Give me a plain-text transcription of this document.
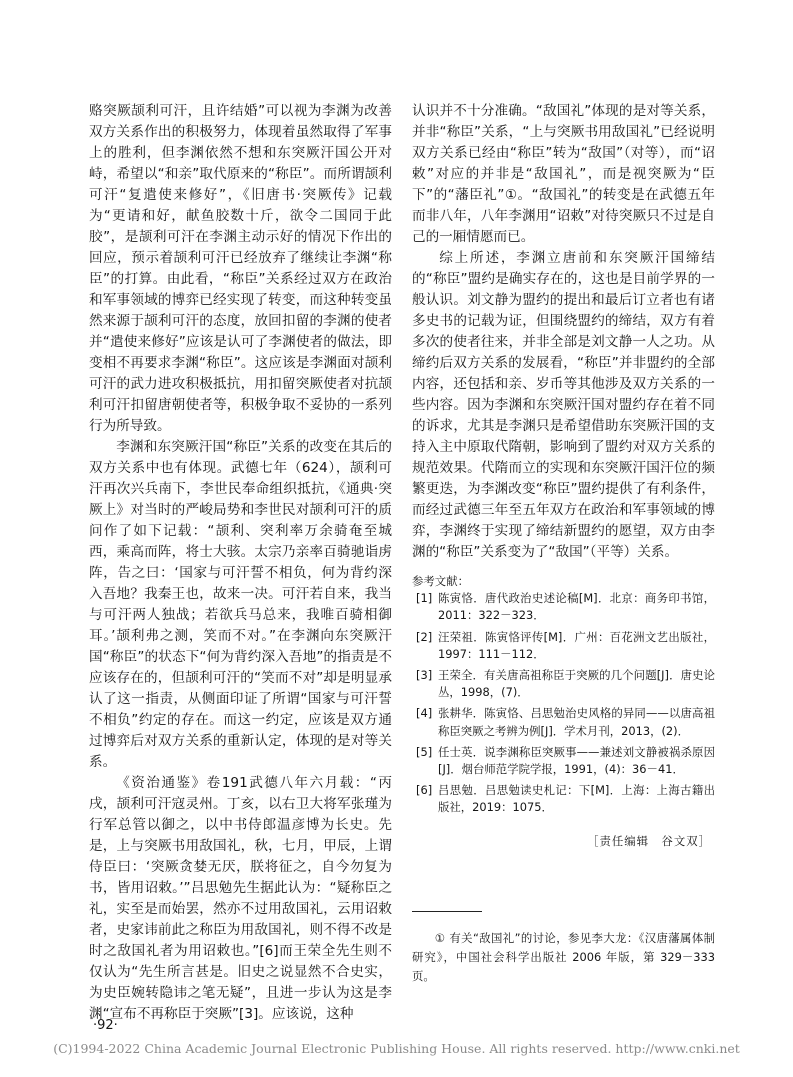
赂突厥颉利可汗，且许结婚”可以视为李渊为改善双方关系作出的积极努力，体现着虽然取得了军事上的胜利，但李渊依然不想和东突厥汗国公开对峙，希望以“和亲”取代原来的“称臣”。而所谓颉利可汗“复遣使来修好”，《旧唐书·突厥传》记载为“更请和好，献鱼胶数十斤，欲令二国同于此胶”，是颉利可汗在李渊主动示好的情况下作出的回应，预示着颉利可汗已经放弃了继续让李渊“称臣”的打算。由此看，“称臣”关系经过双方在政治和军事领域的博弈已经实现了转变，而这种转变虽然来源于颉利可汗的态度，放回扣留的李渊的使者并“遣使来修好”应该是认可了李渊使者的做法，即变相不再要求李渊“称臣”。这应该是李渊面对颉利可汗的武力进攻积极抵抗，用扣留突厥使者对抗颉利可汗扣留唐朝使者等，积极争取不妥协的一系列行为所导致。

李渊和东突厥汗国“称臣”关系的改变在其后的双方关系中也有体现。武德七年（624），颉利可汗再次兴兵南下，李世民奉命组织抵抗，《通典·突厥上》对当时的严峻局势和李世民对颉利可汗的质问作了如下记载：“颉利、突利率万余骑奄至城西，乘高而阵，将士大骇。太宗乃亲率百骑驰诣虏阵，告之曰：‘国家与可汗誓不相负，何为背约深入吾地？我秦王也，故来一决。可汗若自来，我当与可汗两人独战；若欲兵马总来，我唯百骑相御耳。’颉利弗之测，笑而不对。”在李渊向东突厥汗国“称臣”的状态下“何为背约深入吾地”的指责是不应该存在的，但颉利可汗的“笑而不对”却是明显承认了这一指责，从侧面印证了所谓“国家与可汗誓不相负”约定的存在。而这一约定，应该是双方通过博弈后对双方关系的重新认定，体现的是对等关系。

《资治通鉴》卷191武德八年六月载：“丙戌，颉利可汗寇灵州。丁亥，以右卫大将军张瑾为行军总管以御之，以中书侍郎温彦博为长史。先是，上与突厥书用敌国礼，秋，七月，甲辰，上谓侍臣曰：‘突厥贪婪无厌，朕将征之，自今勿复为书，皆用诏敕。’”吕思勉先生据此认为：“疑称臣之礼，实至是而始罢，然亦不过用敌国礼，云用诏敕者，史家讳前此之称臣为用敌国礼，则不得不改是时之敌国礼者为用诏敕也。”[6]而王荣全先生则不仅认为“先生所言甚是。旧史之说显然不合史实，为史臣婉转隐讳之笔无疑”，且进一步认为这是李渊“宣布不再称臣于突厥”[3]。应该说，这种

认识并不十分准确。“敌国礼”体现的是对等关系，并非“称臣”关系，“上与突厥书用敌国礼”已经说明双方关系已经由“称臣”转为“敌国”（对等），而“诏敕”对应的并非是“敌国礼”，而是视突厥为“臣下”的“藩臣礼”①。“敌国礼”的转变是在武德五年而非八年，八年李渊用“诏敕”对待突厥只不过是自己的一厢情愿而已。

综上所述，李渊立唐前和东突厥汗国缔结的“称臣”盟约是确实存在的，这也是目前学界的一般认识。刘文静为盟约的提出和最后订立者也有诸多史书的记载为证，但围绕盟约的缔结，双方有着多次的使者往来，并非全部是刘文静一人之功。从缔约后双方关系的发展看，“称臣”并非盟约的全部内容，还包括和亲、岁币等其他涉及双方关系的一些内容。因为李渊和东突厥汗国对盟约存在着不同的诉求，尤其是李渊只是希望借助东突厥汗国的支持入主中原取代隋朝，影响到了盟约对双方关系的规范效果。代隋而立的实现和东突厥汗国汗位的频繁更迭，为李渊改变“称臣”盟约提供了有利条件，而经过武德三年至五年双方在政治和军事领域的博弈，李渊终于实现了缔结新盟约的愿望，双方由李渊的“称臣”关系变为了“敌国”（平等）关系。

参考文献：

[1] 陈寅恪．唐代政治史述论稿[M]．北京：商务印书馆，2011：322－323．
[2] 汪荣祖．陈寅恪评传[M]．广州：百花洲文艺出版社，1997：111－112．
[3] 王荣全．有关唐高祖称臣于突厥的几个问题[J]．唐史论丛，1998，(7)．
[4] 张耕华．陈寅恪、吕思勉治史风格的异同——以唐高祖称臣突厥之考辨为例[J]．学术月刊，2013，(2)．
[5] 任士英．说李渊称臣突厥事——兼述刘文静被祸杀原因[J]．烟台师范学院学报，1991，(4)：36－41．
[6] 吕思勉．吕思勉读史札记：下[M]．上海：上海古籍出版社，2019：1075．
［责任编辑　谷文双］
① 有关“敌国礼”的讨论，参见李大龙：《汉唐藩属体制研究》，中国社会科学出版社 2006 年版，第 329－333 页。
·92·
(C)1994-2022 China Academic Journal Electronic Publishing House. All rights reserved. http://www.cnki.net
